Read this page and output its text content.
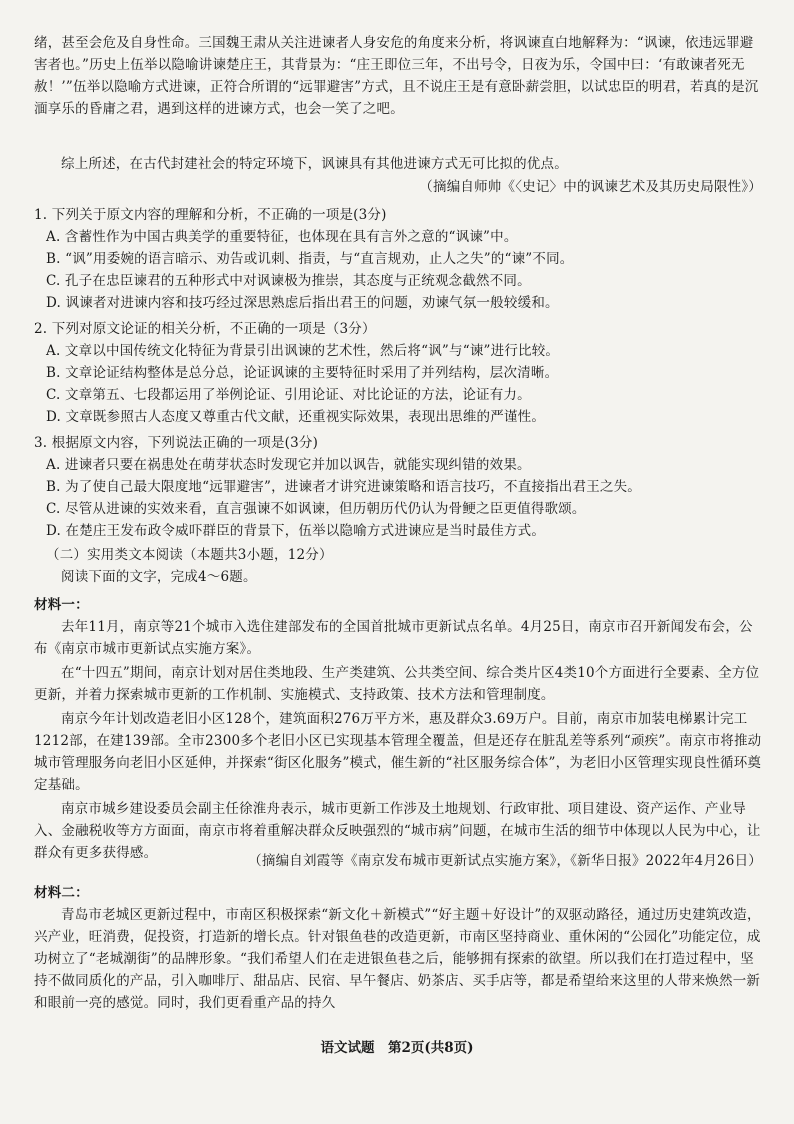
绪，甚至会危及自身性命。三国魏王肃从关注进谏者人身安危的角度来分析，将讽谏直白地解释为：“讽谏，依违远罪避害者也。”历史上伍举以隐喻讲谏楚庄王，其背景为：“庄王即位三年，不出号令，日夜为乐，令国中曰：‘有敢谏者死无赦！’”伍举以隐喻方式进谏，正符合所谓的“远罪避害”方式，且不说庄王是有意卧薪尝胆，以试忠臣的明君，若真的是沉湎享乐的昏庸之君，遇到这样的进谏方式，也会一笑了之吧。

综上所述，在古代封建社会的特定环境下，讽谏具有其他进谏方式无可比拟的优点。

（摘编自师帅《〈史记〉中的讽谏艺术及其历史局限性》）

1. 下列关于原文内容的理解和分析，不正确的一项是(3分)

A. 含蓄性作为中国古典美学的重要特征，也体现在具有言外之意的“讽谏”中。

B. “讽”用委婉的语言暗示、劝告或讥刺、指责，与“直言规劝，止人之失”的“谏”不同。

C. 孔子在忠臣谏君的五种形式中对讽谏极为推崇，其态度与正统观念截然不同。

D. 讽谏者对进谏内容和技巧经过深思熟虑后指出君王的问题，劝谏气氛一般较缓和。

2. 下列对原文论证的相关分析，不正确的一项是（3分）

A. 文章以中国传统文化特征为背景引出讽谏的艺术性，然后将“讽”与“谏”进行比较。

B. 文章论证结构整体是总分总，论证讽谏的主要特征时采用了并列结构，层次清晰。

C. 文章第五、七段都运用了举例论证、引用论证、对比论证的方法，论证有力。

D. 文章既参照古人态度又尊重古代文献，还重视实际效果，表现出思维的严谨性。

3. 根据原文内容，下列说法正确的一项是(3分)

A. 进谏者只要在祸患处在萌芽状态时发现它并加以讽告，就能实现纠错的效果。

B. 为了使自己最大限度地“远罪避害”，进谏者才讲究进谏策略和语言技巧，不直接指出君王之失。

C. 尽管从进谏的实效来看，直言强谏不如讽谏，但历朝历代仍认为骨鲠之臣更值得歌颂。

D. 在楚庄王发布政令威吓群臣的背景下，伍举以隐喻方式进谏应是当时最佳方式。

（二）实用类文本阅读（本题共3小题，12分）

阅读下面的文字，完成4～6题。

材料一：

去年11月，南京等21个城市入选住建部发布的全国首批城市更新试点名单。4月25日，南京市召开新闻发布会，公布《南京市城市更新试点实施方案》。

在“十四五”期间，南京计划对居住类地段、生产类建筑、公共类空间、综合类片区4类10个方面进行全要素、全方位更新，并着力探索城市更新的工作机制、实施模式、支持政策、技术方法和管理制度。

南京今年计划改造老旧小区128个，建筑面积276万平方米，惠及群众3.69万户。目前，南京市加装电梯累计完工1212部，在建139部。全市2300多个老旧小区已实现基本管理全覆盖，但是还存在脏乱差等系列“顽疾”。南京市将推动城市管理服务向老旧小区延伸，并探索“街区化服务”模式，催生新的“社区服务综合体”，为老旧小区管理实现良性循环奠定基础。

南京市城乡建设委员会副主任徐淮舟表示，城市更新工作涉及土地规划、行政审批、项目建设、资产运作、产业导入、金融税收等方方面面，南京市将着重解决群众反映强烈的“城市病”问题，在城市生活的细节中体现以人民为中心，让群众有更多获得感。	（摘编自刘霞等《南京发布城市更新试点实施方案》，《新华日报》2022年4月26日）

材料二：

青岛市老城区更新过程中，市南区积极探索“新文化＋新模式”“好主题＋好设计”的双驱动路径，通过历史建筑改造，兴产业，旺消费，促投资，打造新的增长点。针对银鱼巷的改造更新，市南区坚持商业、重休闲的“公园化”功能定位，成功树立了“老城潮街”的品牌形象。“我们希望人们在走进银鱼巷之后，能够拥有探索的欲望。所以我们在打造过程中，坚持不做同质化的产品，引入咖啡厅、甜品店、民宿、早午餐店、奶茶店、买手店等，都是希望给来这里的人带来焕然一新和眼前一亮的感觉。同时，我们更看重产品的持久

语文试题　第2页(共8页)
